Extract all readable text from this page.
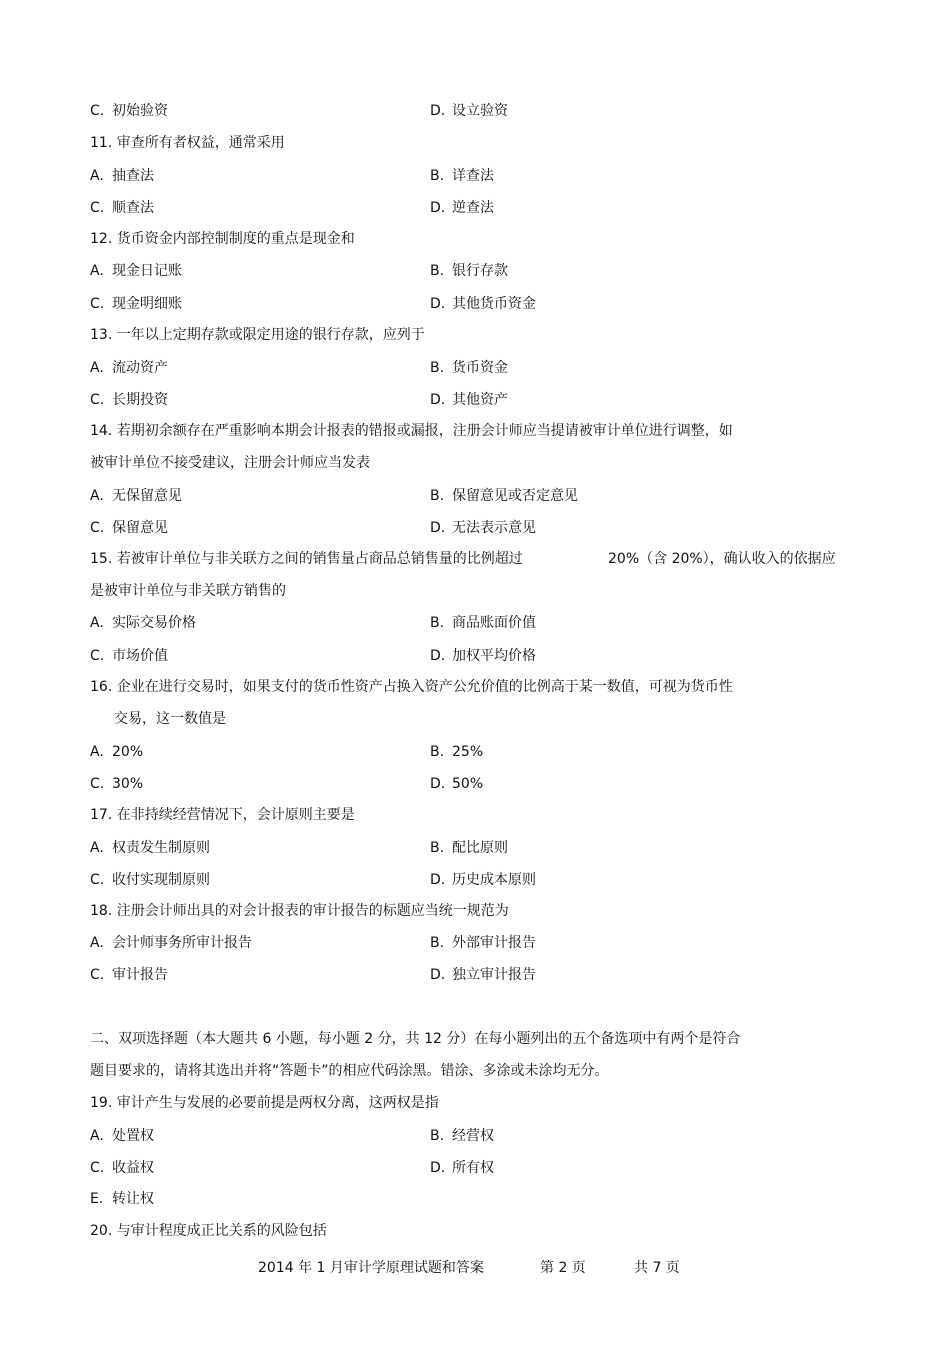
C. 初始验资	D. 设立验资
11. 审查所有者权益，通常采用
A. 抽查法	B. 详查法
C. 顺查法	D. 逆查法
12. 货币资金内部控制制度的重点是现金和
A. 现金日记账	B. 银行存款
C. 现金明细账	D. 其他货币资金
13. 一年以上定期存款或限定用途的银行存款，应列于
A. 流动资产	B. 货币资金
C. 长期投资	D. 其他资产
14. 若期初余额存在严重影响本期会计报表的错报或漏报，注册会计师应当提请被审计单位进行调整，如
被审计单位不接受建议，注册会计师应当发表
A. 无保留意见	B. 保留意见或否定意见
C. 保留意见	D. 无法表示意见
15. 若被审计单位与非关联方之间的销售量占商品总销售量的比例超过	20%（含 20%），确认收入的依据应
是被审计单位与非关联方销售的
A. 实际交易价格	B. 商品账面价值
C. 市场价值	D. 加权平均价格
16. 企业在进行交易时，如果支付的货币性资产占换入资产公允价值的比例高于某一数值，可视为货币性
交易，这一数值是
A. 20%	B. 25%
C. 30%	D. 50%
17. 在非持续经营情况下，会计原则主要是
A. 权责发生制原则	B. 配比原则
C. 收付实现制原则	D. 历史成本原则
18. 注册会计师出具的对会计报表的审计报告的标题应当统一规范为
A. 会计师事务所审计报告	B. 外部审计报告
C. 审计报告	D. 独立审计报告
二、双项选择题（本大题共 6 小题，每小题 2 分，共 12 分）在每小题列出的五个备选项中有两个是符合
题目要求的，请将其选出并将“答题卡”的相应代码涂黑。错涂、多涂或未涂均无分。
19. 审计产生与发展的必要前提是两权分离，这两权是指
A. 处置权	B. 经营权
C. 收益权	D. 所有权
E. 转让权
20. 与审计程度成正比关系的风险包括
2014 年 1 月审计学原理试题和答案	第 2 页	共 7 页
